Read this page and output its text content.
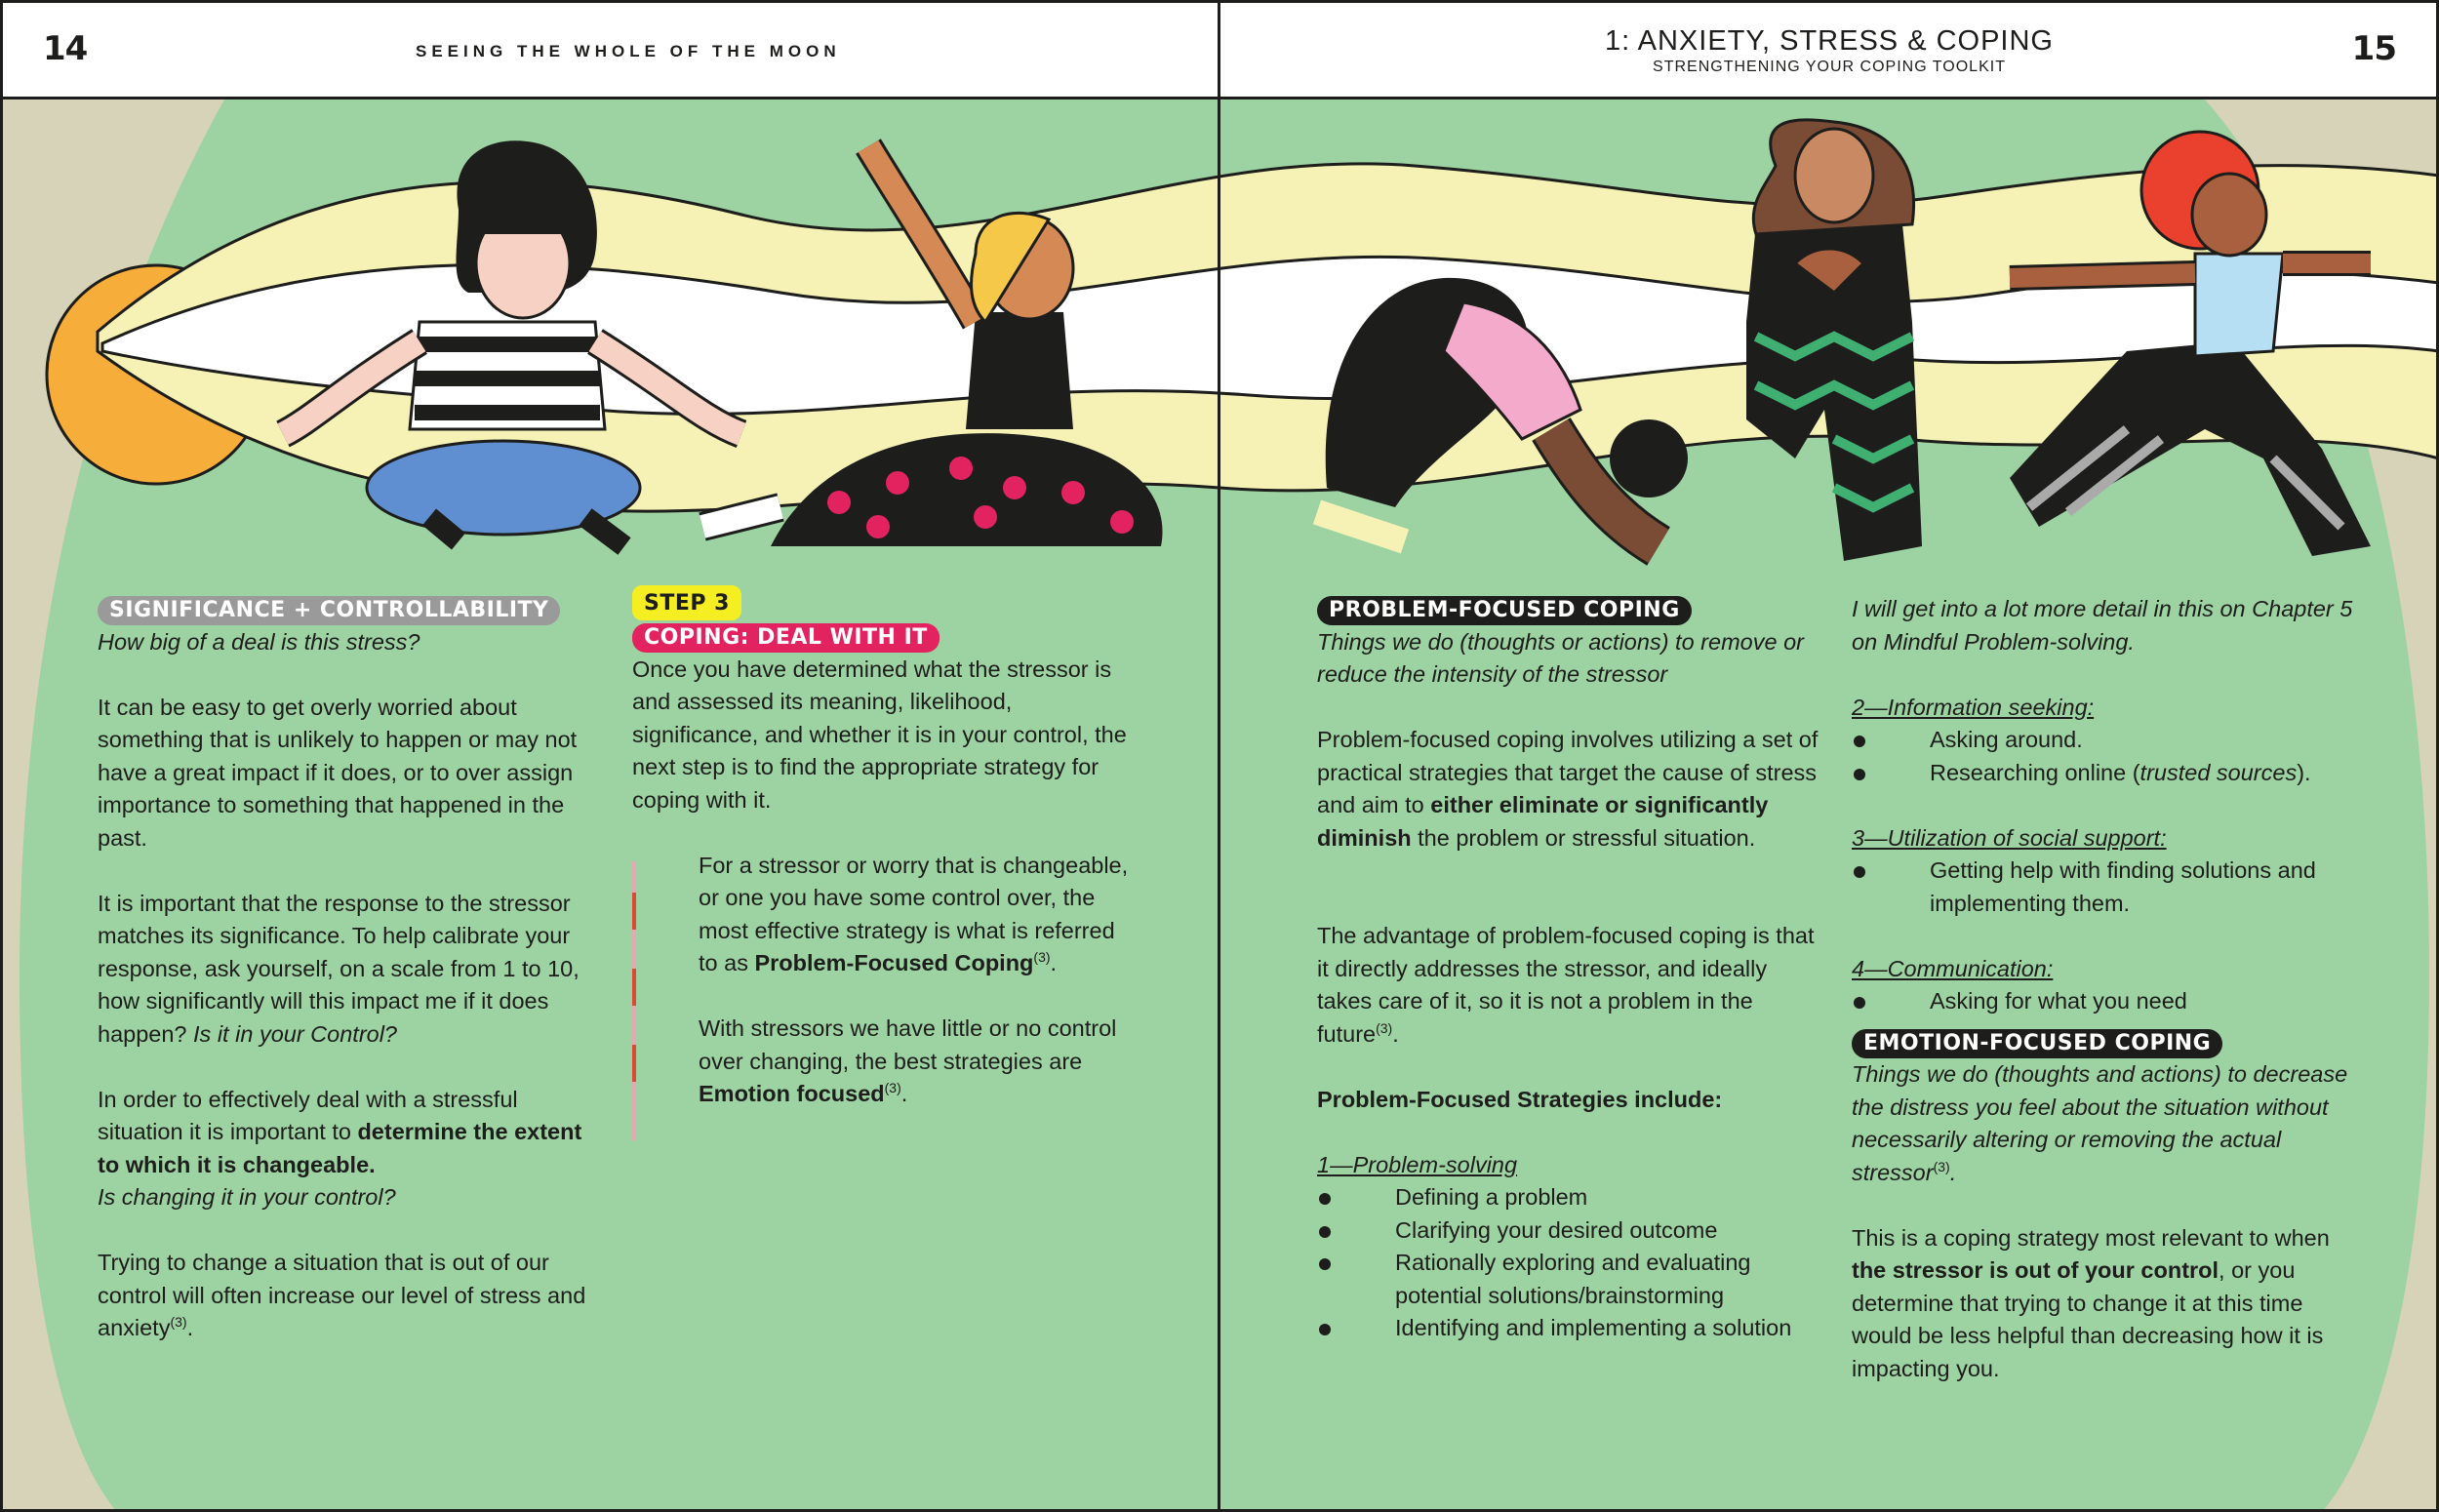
14	SEEING THE WHOLE OF THE MOON	1: ANXIETY, STRESS & COPING
STRENGTHENING YOUR COPING TOOLKIT	15
SIGNIFICANCE + CONTROLLABILITY

How big of a deal is this stress?

It can be easy to get overly worried about something that is unlikely to happen or may not have a great impact if it does, or to over assign importance to something that happened in the past.

It is important that the response to the stressor matches its significance. To help calibrate your response, ask yourself, on a scale from 1 to 10, how significantly will this impact me if it does happen? Is it in your Control?

In order to effectively deal with a stressful situation it is important to determine the extent to which it is changeable.
Is changing it in your control?

Trying to change a situation that is out of our control will often increase our level of stress and anxiety$^{(3)}$.

STEP 3
COPING: DEAL WITH IT

Once you have determined what the stressor is and assessed its meaning, likelihood, significance, and whether it is in your control, the next step is to find the appropriate strategy for coping with it.

For a stressor or worry that is changeable, or one you have some control over, the most effective strategy is what is referred to as Problem-Focused Coping$^{(3)}$.

With stressors we have little or no control over changing, the best strategies are Emotion focused$^{(3)}$.

PROBLEM-FOCUSED COPING

Things we do (thoughts or actions) to remove or reduce the intensity of the stressor

Problem-focused coping involves utilizing a set of practical strategies that target the cause of stress and aim to either eliminate or significantly diminish the problem or stressful situation.

The advantage of problem-focused coping is that it directly addresses the stressor, and ideally takes care of it, so it is not a problem in the future$^{(3)}$.

Problem-Focused Strategies include:

1—Problem-solving
Defining a problem
Clarifying your desired outcome
Rationally exploring and evaluating potential solutions/brainstorming
Identifying and implementing a solution

I will get into a lot more detail in this on Chapter 5 on Mindful Problem-solving.

2—Information seeking:
Asking around.
Researching online (trusted sources).
3—Utilization of social support:
Getting help with finding solutions and implementing them.
4—Communication:
Asking for what you need
EMOTION-FOCUSED COPING

Things we do (thoughts and actions) to decrease the distress you feel about the situation without necessarily altering or removing the actual stressor$^{(3)}$.

This is a coping strategy most relevant to when the stressor is out of your control, or you determine that trying to change it at this time would be less helpful than decreasing how it is impacting you.
